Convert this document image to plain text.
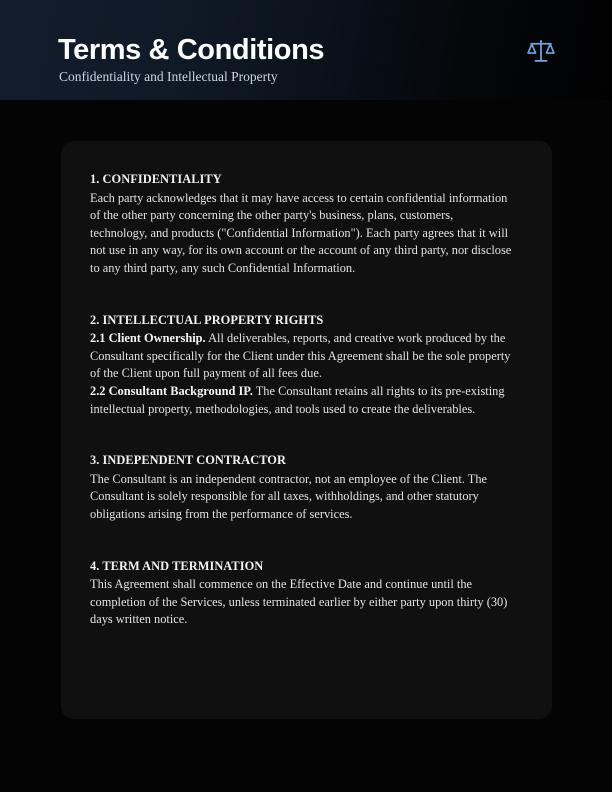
Terms & Conditions

Confidentiality and Intellectual Property

1. CONFIDENTIALITY

Each party acknowledges that it may have access to certain confidential information of the other party concerning the other party's business, plans, customers, technology, and products ("Confidential Information"). Each party agrees that it will not use in any way, for its own account or the account of any third party, nor disclose to any third party, any such Confidential Information.

2. INTELLECTUAL PROPERTY RIGHTS

2.1 Client Ownership. All deliverables, reports, and creative work produced by the Consultant specifically for the Client under this Agreement shall be the sole property of the Client upon full payment of all fees due.

2.2 Consultant Background IP. The Consultant retains all rights to its pre-existing intellectual property, methodologies, and tools used to create the deliverables.

3. INDEPENDENT CONTRACTOR

The Consultant is an independent contractor, not an employee of the Client. The Consultant is solely responsible for all taxes, withholdings, and other statutory obligations arising from the performance of services.

4. TERM AND TERMINATION

This Agreement shall commence on the Effective Date and continue until the completion of the Services, unless terminated earlier by either party upon thirty (30) days written notice.
